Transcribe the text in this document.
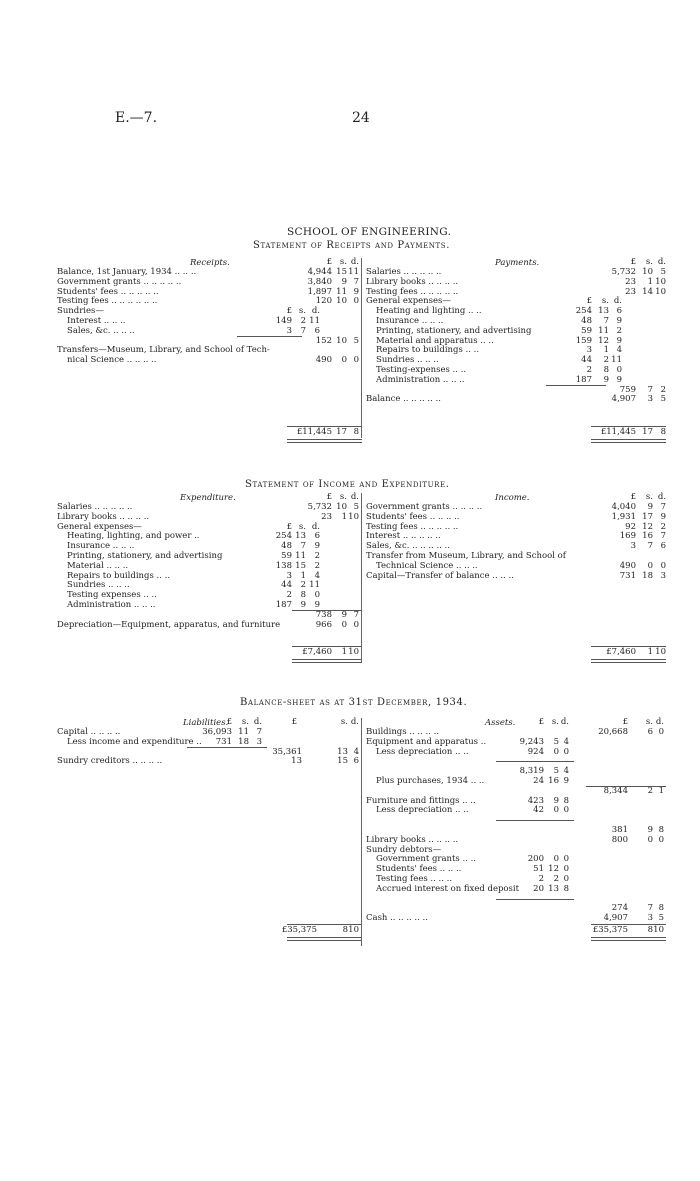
E.—7.	24
SCHOOL OF ENGINEERING.
Statement of Receipts and Payments.
Receipts.	Payments.
Balance, 1st January, 1934 .. .. ..	4,944 15 11
Government grants .. .. .. .. ..	3,840	9 7
Students' fees .. .. .. .. ..	1,897 11 9
Testing fees .. .. .. .. .. ..	120 10 0
Sundries—	£ s. d.
Interest .. .. ..	149	2 11
Sales, &c. .. .. ..	3	7	6
152 10 5
Transfers—Museum, Library, and School of Tech-
nical Science .. .. .. ..	490	0 0
£ s. d.
£11,445 17 8
Salaries .. .. .. .. ..	5,732 10 5
Library books .. .. .. ..	23	1 10
Testing fees .. .. .. .. ..	23 14 10
General expenses—	£	s. d.
Heating and lighting .. ..	254 13 6
Insurance .. .. ..	48	7 9
Printing, stationery, and advertising	59 11 2
Material and apparatus .. ..	159 12 9
Repairs to buildings .. ..	3	1 4
Sundries .. .. ..	44	2 11
Testing-expenses .. ..	2	8 0
Administration .. .. ..	187	9 9
759	7 2
Balance .. .. .. .. ..	4,907	3 5
£	s. d.
£11,445 17 8
Statement of Income and Expenditure.
Expenditure.	Income.
Salaries .. .. .. .. ..	5,732 10 5
Library books .. .. .. ..	23	1 10
General expenses—	£ s. d.
Heating, lighting, and power ..	254 13	6
Insurance .. .. ..	48	7	9
Printing, stationery, and advertising	59 11	2
Material .. .. ..	138 15	2
Repairs to buildings .. ..	3	1	4
Sundries .. .. ..	44	2 11
Testing expenses .. ..	2	8	0
Administration .. .. ..	187	9	9
738	9 7
Depreciation—Equipment, apparatus, and furniture	966	0 0
£ s. d.
£7,460	1 10
Government grants .. .. .. ..	4,040	9 7
Students' fees .. .. .. ..	1,931 17 9
Testing fees .. .. .. .. ..	92 12 2
Interest .. .. .. .. ..	169 16 7
Sales, &c. .. .. .. .. ..	3	7 6
Transfer from Museum, Library, and School of
Technical Science .. .. ..	490	0 0
Capital—Transfer of balance .. .. ..	731 18 3
£	s. d.
£7,460	1 10
Balance-sheet as at 31st December, 1934.
Liabilities.	Assets.
Capital .. .. .. ..	36,093 11 7
Less income and expenditure ..	731 18 3
35,361	13 4
Sundry creditors .. .. .. ..	13	15 6
£	s. d.	£	s. d.
£35,375	8 10
Buildings .. .. .. ..	20,668	6 0
Equipment and apparatus ..	9,243	5 4
Less depreciation .. ..	924	0 0
8,319	5 4
Plus purchases, 1934 .. ..	24 16 9
8,344	2 1
Furniture and fittings .. ..	423	9 8
Less depreciation .. ..	42	0 0
381	9 8
Library books .. .. .. ..	800	0 0
Sundry debtors—
Government grants .. ..	200	0 0
Students' fees .. .. ..	51 12 0
Testing fees .. .. ..	2	2 0
Accrued interest on fixed deposit	20 13 8
274	7 8
Cash .. .. .. .. ..	4,907	3 5
£ s. d.	£	s. d.
£35,375	8 10
